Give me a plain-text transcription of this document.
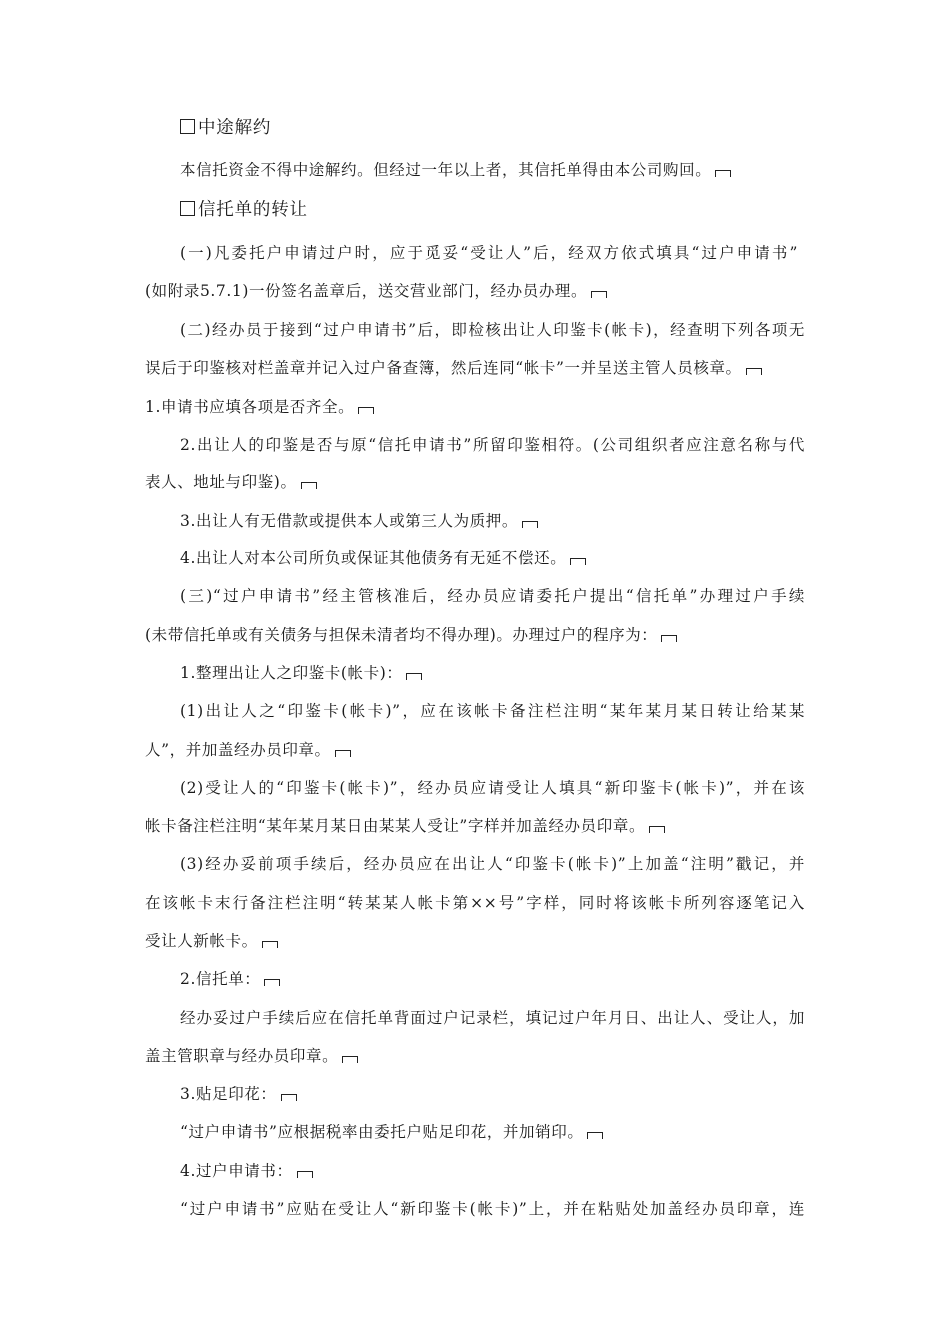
中途解约
本信托资金不得中途解约。但经过一年以上者，其信托单得由本公司购回。
信托单的转让
(一)凡委托户申请过户时，应于觅妥“受让人”后，经双方依式填具“过户申请书”
(如附录5.7.1)一份签名盖章后，送交营业部门，经办员办理。
(二)经办员于接到“过户申请书”后，即检核出让人印鉴卡(帐卡)，经查明下列各项无
误后于印鉴核对栏盖章并记入过户备查簿，然后连同“帐卡”一并呈送主管人员核章。
1.申请书应填各项是否齐全。
2.出让人的印鉴是否与原“信托申请书”所留印鉴相符。(公司组织者应注意名称与代
表人、地址与印鉴)。
3.出让人有无借款或提供本人或第三人为质押。
4.出让人对本公司所负或保证其他债务有无延不偿还。
(三)“过户申请书”经主管核准后，经办员应请委托户提出“信托单”办理过户手续
(未带信托单或有关债务与担保未清者均不得办理)。办理过户的程序为：
1.整理出让人之印鉴卡(帐卡)：
(1)出让人之“印鉴卡(帐卡)”，应在该帐卡备注栏注明“某年某月某日转让给某某
人”，并加盖经办员印章。
(2)受让人的“印鉴卡(帐卡)”，经办员应请受让人填具“新印鉴卡(帐卡)”，并在该
帐卡备注栏注明“某年某月某日由某某人受让”字样并加盖经办员印章。
(3)经办妥前项手续后，经办员应在出让人“印鉴卡(帐卡)”上加盖“注明”戳记，并
在该帐卡末行备注栏注明“转某某人帐卡第××号”字样，同时将该帐卡所列容逐笔记入
受让人新帐卡。
2.信托单：
经办妥过户手续后应在信托单背面过户记录栏，填记过户年月日、出让人、受让人，加
盖主管职章与经办员印章。
3.贴足印花：
“过户申请书”应根据税率由委托户贴足印花，并加销印。
4.过户申请书：
“过户申请书”应贴在受让人“新印鉴卡(帐卡)”上，并在粘贴处加盖经办员印章，连
